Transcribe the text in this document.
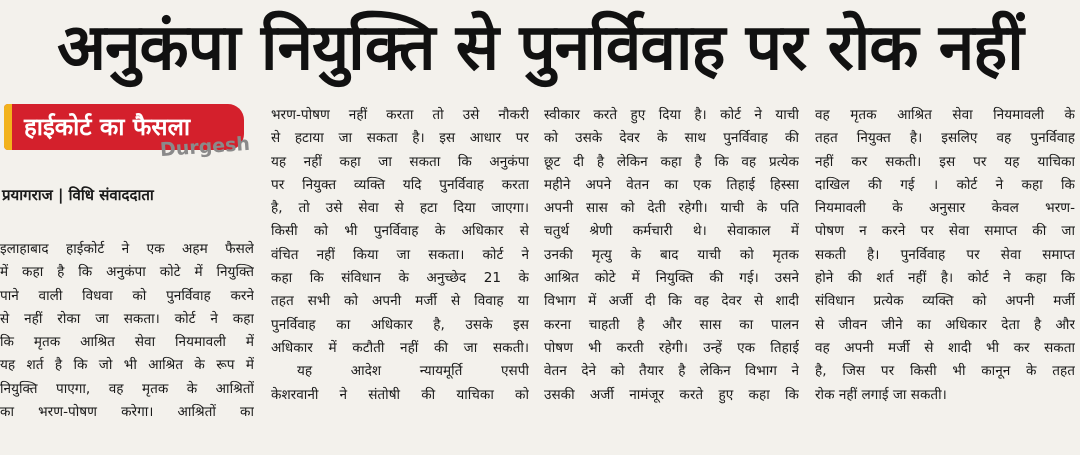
अनुकंपा नियुक्ति से पुनर्विवाह पर रोक नहीं
हाईकोर्ट का फैसला
Durgesh
प्रयागराज | विधि संवाददाता
इलाहाबाद हाईकोर्ट ने एक अहम फैसले
में कहा है कि अनुकंपा कोटे में नियुक्ति
पाने वाली विधवा को पुनर्विवाह करने
से नहीं रोका जा सकता। कोर्ट ने कहा
कि मृतक आश्रित सेवा नियमावली में
यह शर्त है कि जो भी आश्रित के रूप में
नियुक्ति पाएगा, वह मृतक के आश्रितों
का भरण-पोषण करेगा। आश्रितों का
भरण-पोषण नहीं करता तो उसे नौकरी
से हटाया जा सकता है। इस आधार पर
यह नहीं कहा जा सकता कि अनुकंपा
पर नियुक्त व्यक्ति यदि पुनर्विवाह करता
है, तो उसे सेवा से हटा दिया जाएगा।
किसी को भी पुनर्विवाह के अधिकार से
वंचित नहीं किया जा सकता। कोर्ट ने
कहा कि संविधान के अनुच्छेद 21 के
तहत सभी को अपनी मर्जी से विवाह या
पुनर्विवाह का अधिकार है, उसके इस
अधिकार में कटौती नहीं की जा सकती।
यह आदेश न्यायमूर्ति एसपी
केशरवानी ने संतोषी की याचिका को
स्वीकार करते हुए दिया है। कोर्ट ने याची
को उसके देवर के साथ पुनर्विवाह की
छूट दी है लेकिन कहा है कि वह प्रत्येक
महीने अपने वेतन का एक तिहाई हिस्सा
अपनी सास को देती रहेगी। याची के पति
चतुर्थ श्रेणी कर्मचारी थे। सेवाकाल में
उनकी मृत्यु के बाद याची को मृतक
आश्रित कोटे में नियुक्ति की गई। उसने
विभाग में अर्जी दी कि वह देवर से शादी
करना चाहती है और सास का पालन
पोषण भी करती रहेगी। उन्हें एक तिहाई
वेतन देने को तैयार है लेकिन विभाग ने
उसकी अर्जी नामंजूर करते हुए कहा कि
वह मृतक आश्रित सेवा नियमावली के
तहत नियुक्त है। इसलिए वह पुनर्विवाह
नहीं कर सकती। इस पर यह याचिका
दाखिल की गई । कोर्ट ने कहा कि
नियमावली के अनुसार केवल भरण-
पोषण न करने पर सेवा समाप्त की जा
सकती है। पुनर्विवाह पर सेवा समाप्त
होने की शर्त नहीं है। कोर्ट ने कहा कि
संविधान प्रत्येक व्यक्ति को अपनी मर्जी
से जीवन जीने का अधिकार देता है और
वह अपनी मर्जी से शादी भी कर सकता
है, जिस पर किसी भी कानून के तहत
रोक नहीं लगाई जा सकती।
